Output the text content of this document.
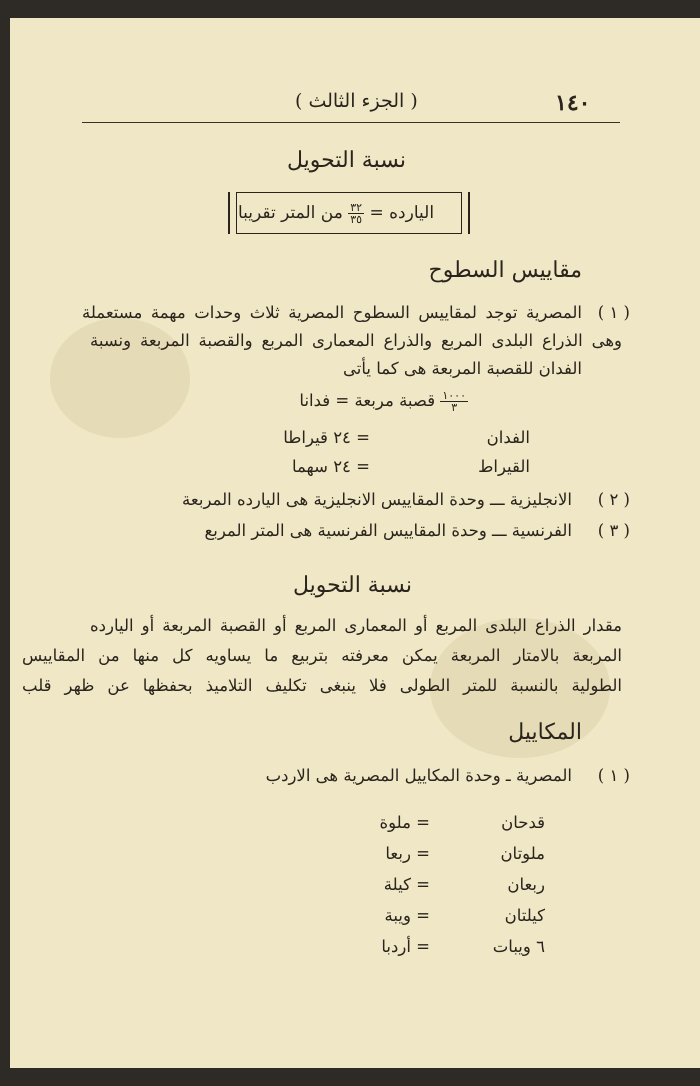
١٤٠
( الجزء الثالث )
نسبة التحويل
اليارده =
$\frac{٣٢}{٣٥}$
من المتر تقريبا
مقاييس السطوح
( ١ )
المصرية توجد لمقاييس السطوح المصرية ثلاث وحدات مهمة مستعملة
وهى الذراع البلدى المربع والذراع المعمارى المربع والقصبة المربعة ونسبة
الفدان للقصبة المربعة هى كما يأتى
$\frac{١٠٠٠}{٣}$
قصبة مربعة = فدانا
الفدان
= ٢٤ قيراطا
القيراط
= ٢٤ سهما
( ٢ )
الانجليزية ـــ وحدة المقاييس الانجليزية هى اليارده المربعة
( ٣ )
الفرنسية ـــ وحدة المقاييس الفرنسية هى المتر المربع
نسبة التحويل
مقدار الذراع البلدى المربع أو المعمارى المربع أو القصبة المربعة أو اليارده
المربعة بالامتار المربعة يمكن معرفته بتربيع ما يساويه كل منها من المقاييس
الطولية بالنسبة للمتر الطولى فلا ينبغى تكليف التلاميذ بحفظها عن ظهر قلب
المكاييل
( ١ )
المصرية ـ وحدة المكاييل المصرية هى الاردب
قدحان
= ملوة
ملوتان
= ربعا
ربعان
= كيلة
كيلتان
= ويبة
٦ ويبات
= أردبا
